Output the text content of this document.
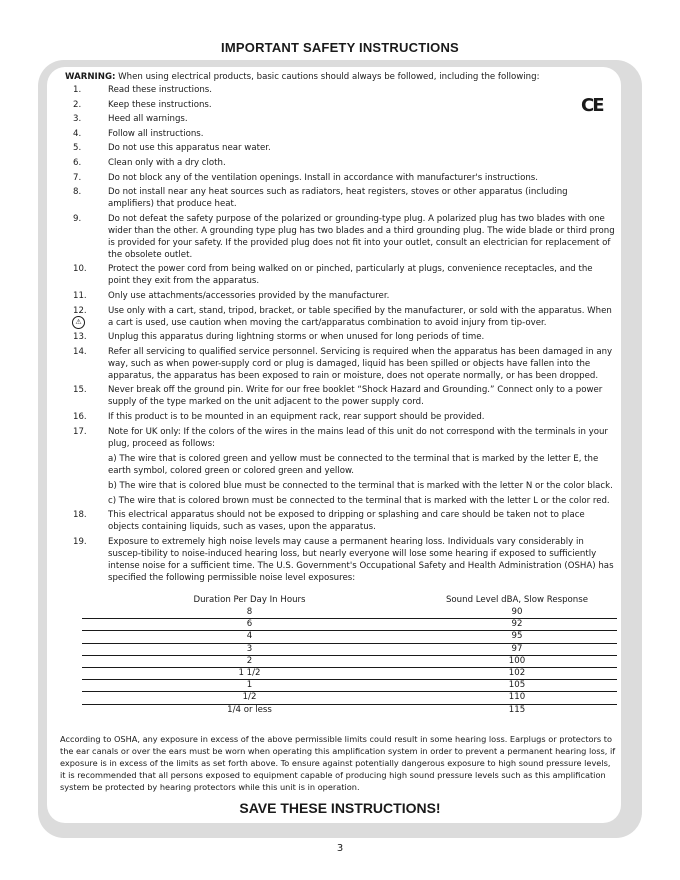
IMPORTANT SAFETY INSTRUCTIONS
CE
WARNING: When using electrical products, basic cautions should always be followed, including the following:
1.	Read these instructions.
2.	Keep these instructions.
3.	Heed all warnings.
4.	Follow all instructions.
5.	Do not use this apparatus near water.
6.	Clean only with a dry cloth.
7.	Do not block any of the ventilation openings. Install in accordance with manufacturer's instructions.
8.	Do not install near any heat sources such as radiators, heat registers, stoves or other apparatus (including amplifiers) that produce heat.
9.	Do not defeat the safety purpose of the polarized or grounding-type plug. A polarized plug has two blades with one wider than the other. A grounding type plug has two blades and a third grounding plug. The wide blade or third prong is provided for your safety. If the provided plug does not fit into your outlet, consult an electrician for replacement of the obsolete outlet.
10. Protect the power cord from being walked on or pinched, particularly at plugs, convenience receptacles, and the point they exit from the apparatus.
11. Only use attachments/accessories provided by the manufacturer.
12.
⚠
Use only with a cart, stand, tripod, bracket, or table specified by the manufacturer, or sold with the apparatus. When a cart is used, use caution when moving the cart/apparatus combination to avoid injury from tip-over.
13. Unplug this apparatus during lightning storms or when unused for long periods of time.
14. Refer all servicing to qualified service personnel. Servicing is required when the apparatus has been damaged in any way, such as when power-supply cord or plug is damaged, liquid has been spilled or objects have fallen into the apparatus, the apparatus has been exposed to rain or moisture, does not operate normally, or has been dropped.
15. Never break off the ground pin. Write for our free booklet “Shock Hazard and Grounding.” Connect only to a power supply of the type marked on the unit adjacent to the power supply cord.
16. If this product is to be mounted in an equipment rack, rear support should be provided.
17. Note for UK only: If the colors of the wires in the mains lead of this unit do not correspond with the terminals in your plug, proceed as follows:
a) The wire that is colored green and yellow must be connected to the terminal that is marked by the letter E, the earth symbol, colored green or colored green and yellow.
b) The wire that is colored blue must be connected to the terminal that is marked with the letter N or the color black.
c) The wire that is colored brown must be connected to the terminal that is marked with the letter L or the color red.
18. This electrical apparatus should not be exposed to dripping or splashing and care should be taken not to place objects containing liquids, such as vases, upon the apparatus.
19. Exposure to extremely high noise levels may cause a permanent hearing loss. Individuals vary considerably in suscep-tibility to noise-induced hearing loss, but nearly everyone will lose some hearing if exposed to sufficiently intense noise for a sufficient time. The U.S. Government's Occupational Safety and Health Administration (OSHA) has specified the following permissible noise level exposures:
Duration Per Day In Hours	Sound Level dBA, Slow Response
8	90
6	92
4	95
3	97
2	100
1 1/2	102
1	105
1/2	110
1/4 or less	115
According to OSHA, any exposure in excess of the above permissible limits could result in some hearing loss. Earplugs or protectors to the ear canals or over the ears must be worn when operating this amplification system in order to prevent a permanent hearing loss, if exposure is in excess of the limits as set forth above. To ensure against potentially dangerous exposure to high sound pressure levels, it is recommended that all persons exposed to equipment capable of producing high sound pressure levels such as this amplification system be protected by hearing protectors while this unit is in operation.
SAVE THESE INSTRUCTIONS!
3
